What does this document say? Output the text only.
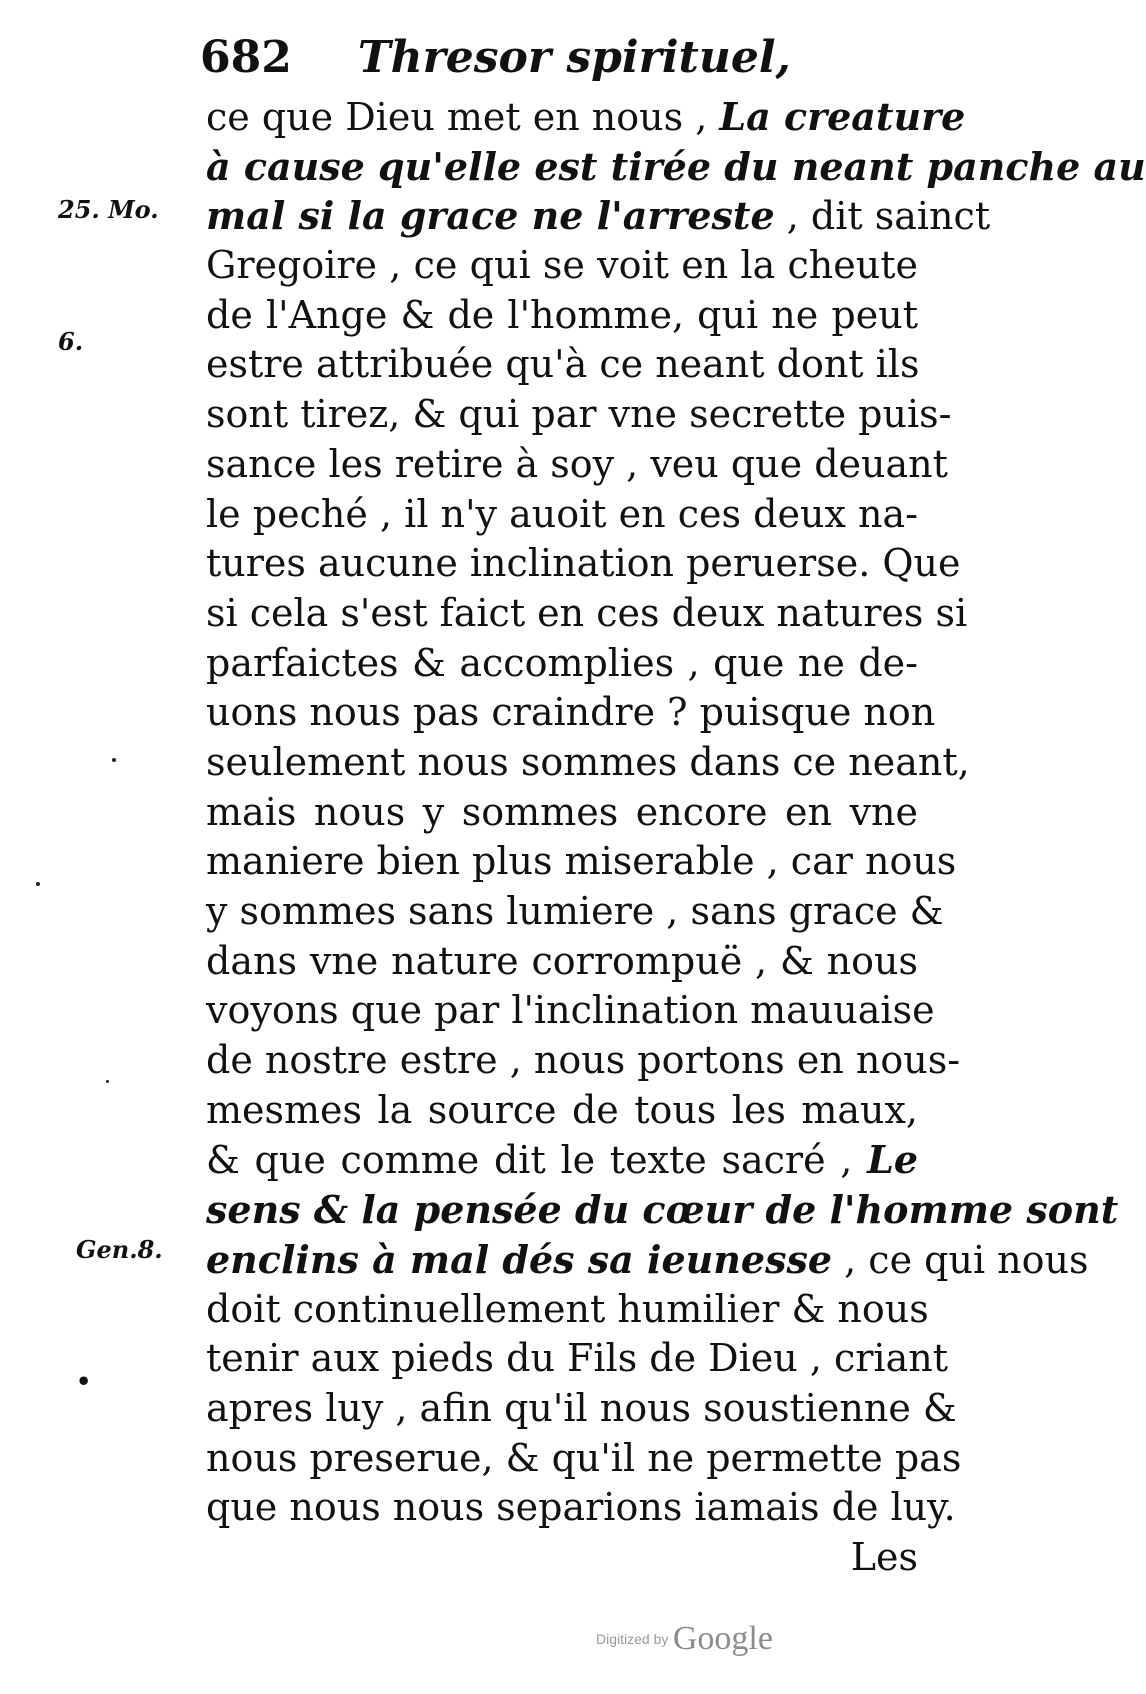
682 Thresor spirituel,

25. Mo.

6.

Gen.8.

•

ce que Dieu met en nous , La creature
à cause qu'elle est tirée du neant panche au
mal si la grace ne l'arreste , dit sainct
Gregoire , ce qui se voit en la cheute
de l'Ange & de l'homme, qui ne peut
estre attribuée qu'à ce neant dont ils
sont tirez, & qui par vne secrette puis-
sance les retire à soy , veu que deuant
le peché , il n'y auoit en ces deux na-
tures aucune inclination peruerse. Que
si cela s'est faict en ces deux natures si
parfaictes & accomplies , que ne de-
uons nous pas craindre ? puisque non
seulement nous sommes dans ce neant,
mais nous y sommes encore en vne
maniere bien plus miserable , car nous
y sommes sans lumiere , sans grace &
dans vne nature corrompuë , & nous
voyons que par l'inclination mauuaise
de nostre estre , nous portons en nous-
mesmes la source de tous les maux,
& que comme dit le texte sacré , Le
sens & la pensée du cœur de l'homme sont
enclins à mal dés sa ieunesse , ce qui nous
doit continuellement humilier & nous
tenir aux pieds du Fils de Dieu , criant
apres luy , afin qu'il nous soustienne &
nous preserue, & qu'il ne permette pas
que nous nous separions iamais de luy.
Les
Digitized by Google
